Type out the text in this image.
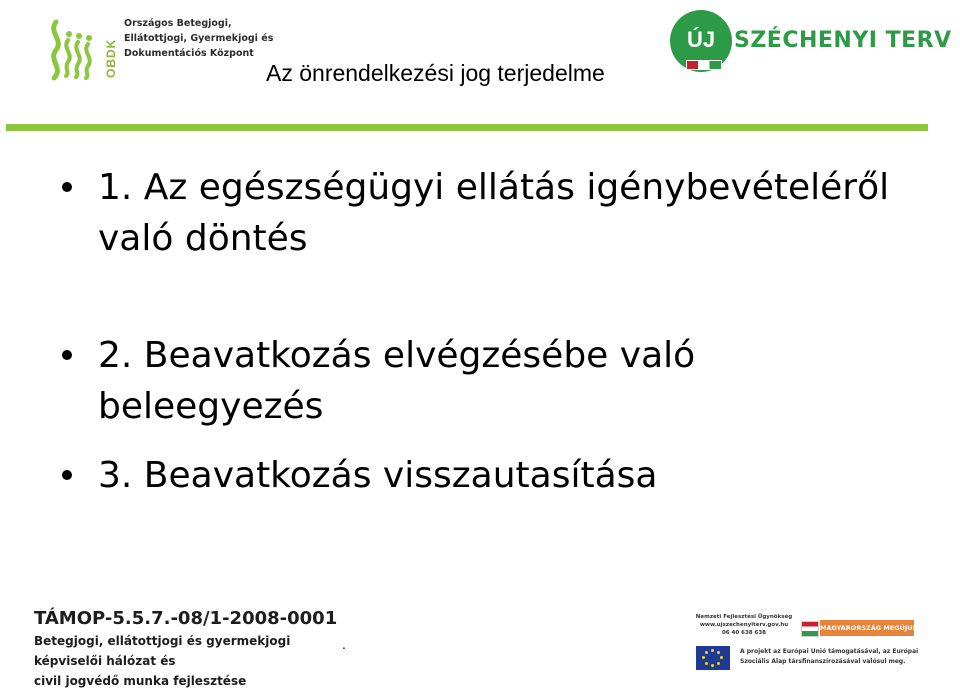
OBDK
Országos Betegjogi,
Ellátottjogi, Gyermekjogi és
Dokumentációs Központ
Az önrendelkezési jog terjedelme
ÚJ SZÉCHENYI TERV
1. Az egészségügyi ellátás igénybevételéről való döntés
2. Beavatkozás elvégzésébe való beleegyezés
3. Beavatkozás visszautasítása
TÁMOP-5.5.7.-08/1-2008-0001
Betegjogi, ellátottjogi és gyermekjogi
képviselői hálózat és
civil jogvédő munka fejlesztése
.
Nemzeti Fejlesztési Ügynökség
www.ujszechenyiterv.gov.hu
06 40 638 638
MAGYARORSZÁG MEGÚJUL
A projekt az Európai Unió támogatásával, az Európai
Szociális Alap társfinanszírozásával valósul meg.
